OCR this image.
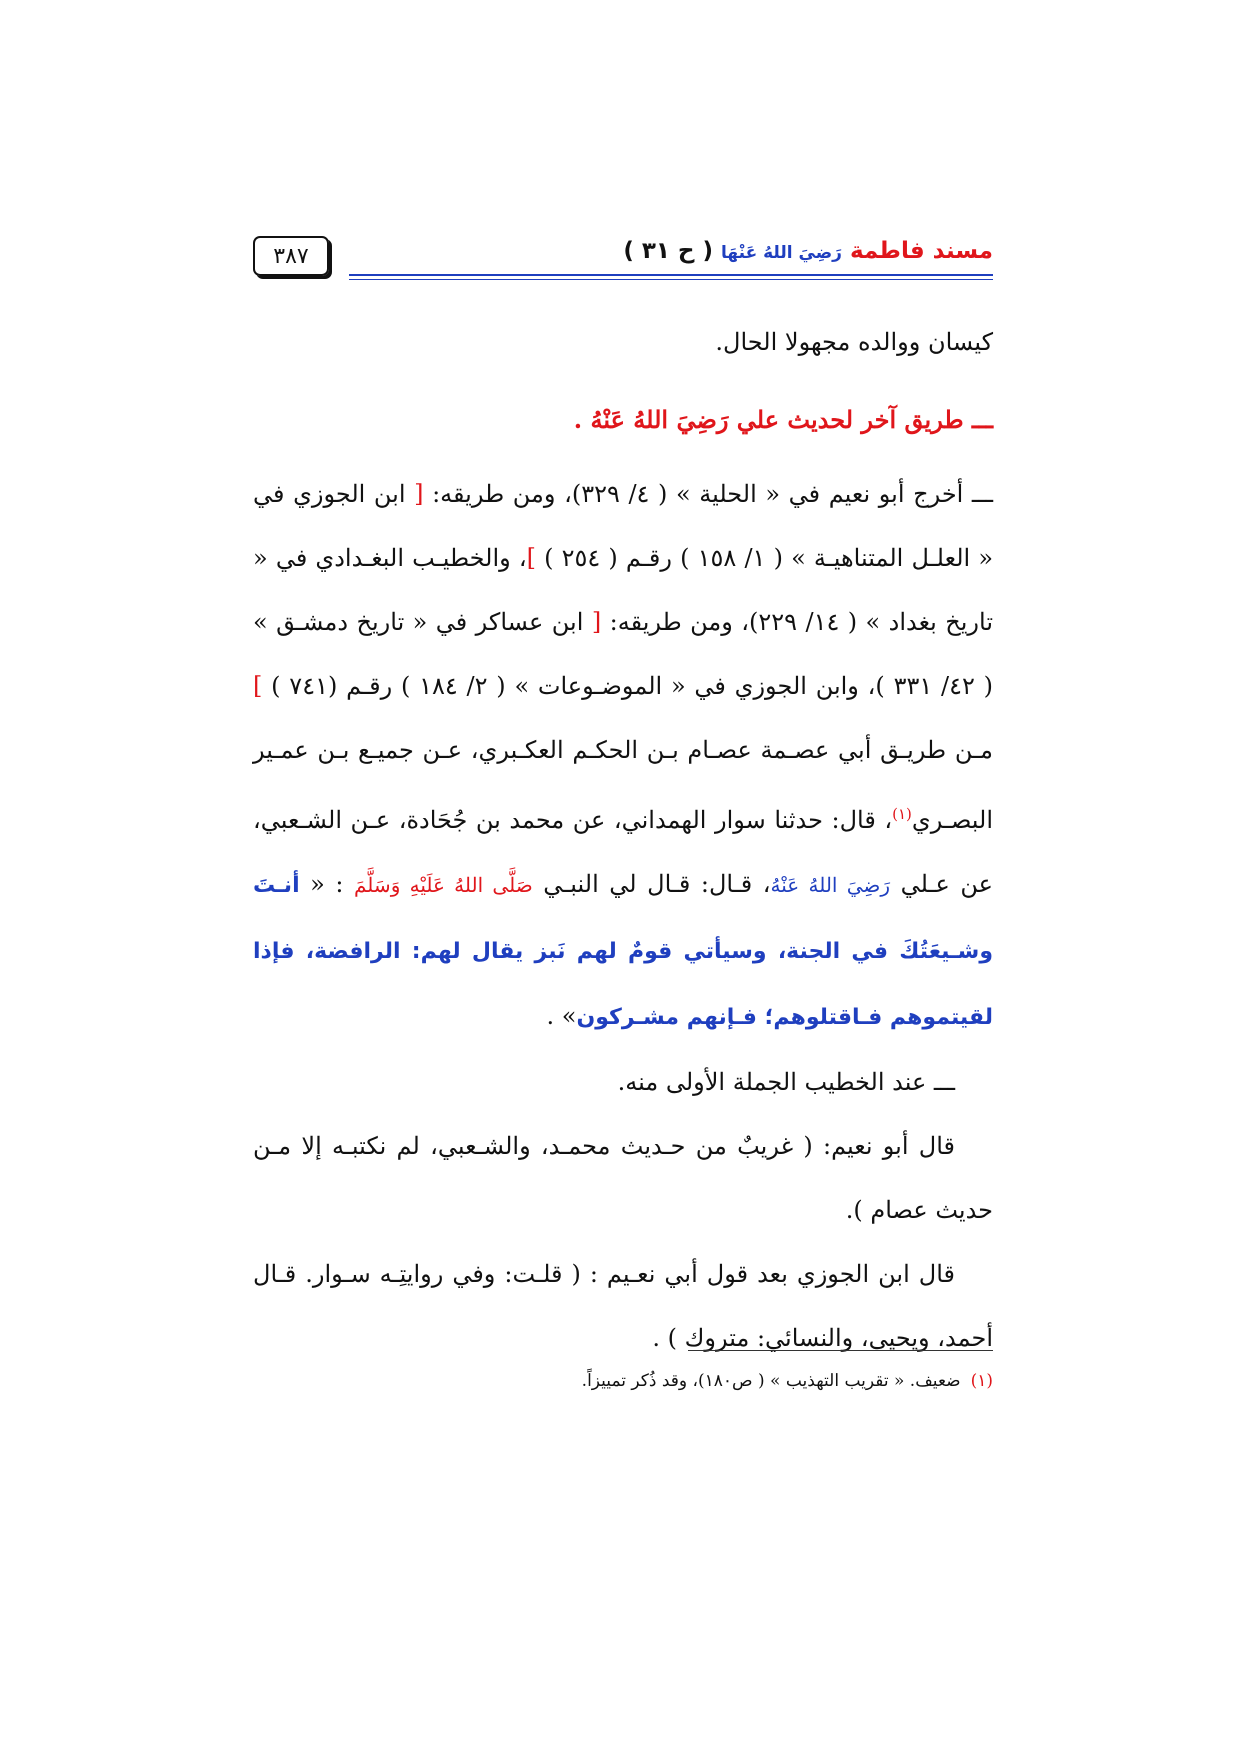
٣٨٧	مسند فاطمة رَضِيَ اللهُ عَنْهَا ( ح ٣١ )

كيسان ووالده مجهولا الحال.

ـــ طريق آخر لحديث علي رَضِيَ اللهُ عَنْهُ .

ـــ أخرج أبو نعيم في « الحلية » ( ٤/ ٣٢٩)، ومن طريقه: [ ابن الجوزي في « العلـل المتناهيـة » ( ١/ ١٥٨ ) رقـم ( ٢٥٤ ) ]، والخطيـب البغـدادي في « تاريخ بغداد » ( ١٤/ ٢٢٩)، ومن طريقه: [ ابن عساكر في « تاريخ دمشـق » ( ٤٢/ ٣٣١ )، وابن الجوزي في « الموضـوعات » ( ٢/ ١٨٤ ) رقـم (٧٤١ ) ] مـن طريـق أبي عصـمة عصـام بـن الحكـم العكـبري، عـن جميـع بـن عمـير البصـري$^{(١)}$، قال: حدثنا سوار الهمداني، عن محمد بن جُحَادة، عـن الشـعبي، عن عـلي رَضِيَ اللهُ عَنْهُ، قـال: قـال لي النبـي صَلَّى اللهُ عَلَيْهِ وَسَلَّمَ : « أنـتَ وشـيعَتُكَ في الجنة، وسيأتي قومٌ لهم نَبز يقال لهم: الرافضة، فإذا لقيتموهم فـاقتلوهم؛ فـإنهم مشـركون» .

ـــ عند الخطيب الجملة الأولى منه.

قال أبو نعيم: ( غريبٌ من حـديث محمـد، والشـعبي، لم نكتبـه إلا مـن حديث عصام ).

قال ابن الجوزي بعد قول أبي نعـيم : ( قلـت: وفي روايتِـه سـوار. قـال أحمد، ويحيى، والنسائي: متروك ) .

(١)ضعيف. « تقريب التهذيب » ( ص١٨٠)، وقد ذُكر تمييزاً.
